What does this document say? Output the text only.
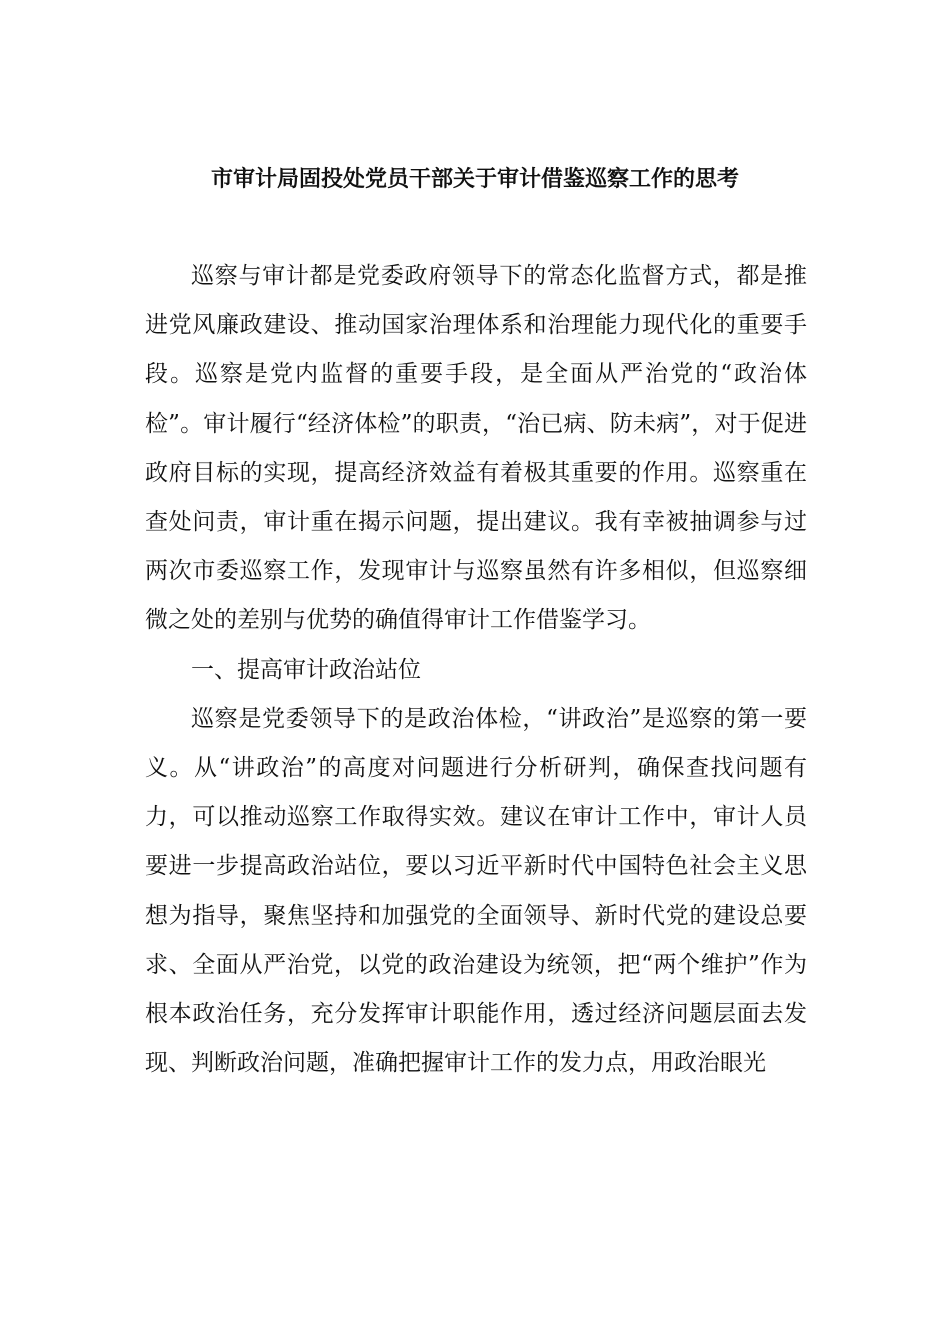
市审计局固投处党员干部关于审计借鉴巡察工作的思考

巡察与审计都是党委政府领导下的常态化监督方式，都是推进党风廉政建设、推动国家治理体系和治理能力现代化的重要手段。巡察是党内监督的重要手段，是全面从严治党的“政治体检”。审计履行“经济体检”的职责，“治已病、防未病”，对于促进政府目标的实现，提高经济效益有着极其重要的作用。巡察重在查处问责，审计重在揭示问题，提出建议。我有幸被抽调参与过两次市委巡察工作，发现审计与巡察虽然有许多相似，但巡察细微之处的差别与优势的确值得审计工作借鉴学习。

一、提高审计政治站位

巡察是党委领导下的是政治体检，“讲政治”是巡察的第一要义。从“讲政治”的高度对问题进行分析研判，确保查找问题有力，可以推动巡察工作取得实效。建议在审计工作中，审计人员要进一步提高政治站位，要以习近平新时代中国特色社会主义思想为指导，聚焦坚持和加强党的全面领导、新时代党的建设总要求、全面从严治党，以党的政治建设为统领，把“两个维护”作为根本政治任务，充分发挥审计职能作用，透过经济问题层面去发现、判断政治问题，准确把握审计工作的发力点，用政治眼光
